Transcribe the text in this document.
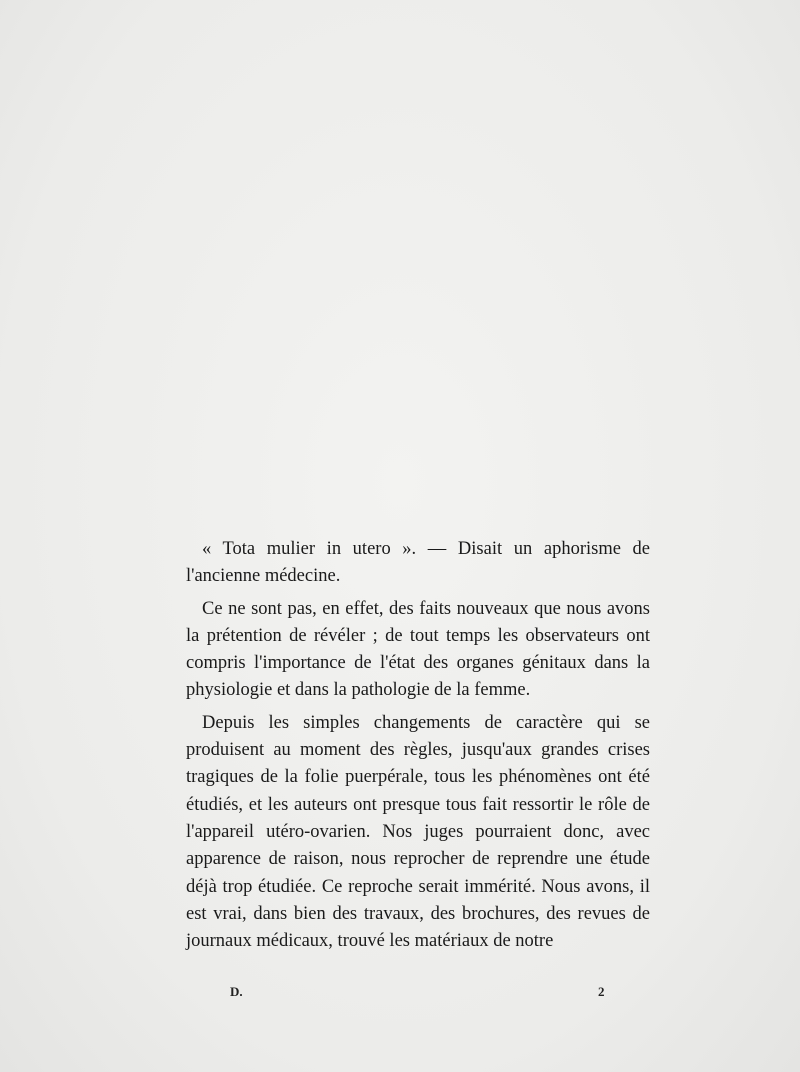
« Tota mulier in utero ». — Disait un aphorisme de l'ancienne médecine.

Ce ne sont pas, en effet, des faits nouveaux que nous avons la prétention de révéler ; de tout temps les observateurs ont compris l'importance de l'état des organes génitaux dans la physiologie et dans la pathologie de la femme.

Depuis les simples changements de caractère qui se produisent au moment des règles, jusqu'aux grandes crises tragiques de la folie puerpérale, tous les phénomènes ont été étudiés, et les auteurs ont presque tous fait ressortir le rôle de l'appareil utéro-ovarien. Nos juges pourraient donc, avec apparence de raison, nous reprocher de reprendre une étude déjà trop étudiée. Ce reproche serait immérité. Nous avons, il est vrai, dans bien des travaux, des brochures, des revues de journaux médicaux, trouvé les matériaux de notre

D.	2
